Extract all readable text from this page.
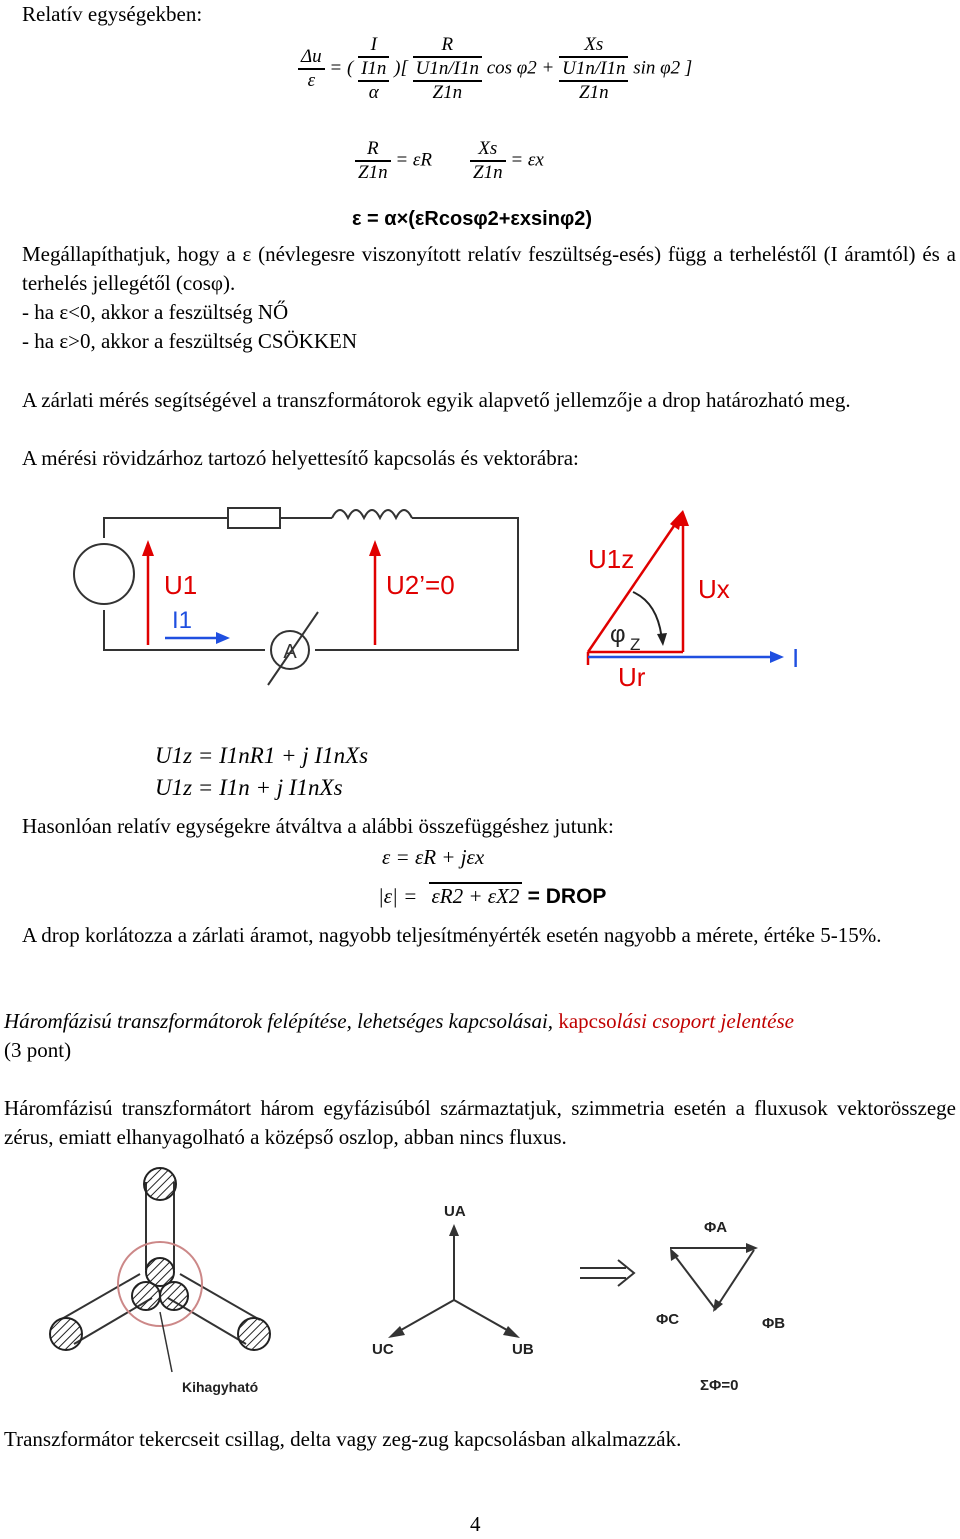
Relatív egységekben:
$\frac{\Delta u}{\varepsilon}$ = (
I
I1n
α
)[
R
U1n/I1n
Z1n
cos φ2 +
Xs
U1n/I1n
Z1n
sin φ2 ]
$\frac{R}{Z1n} = \varepsilon R \frac{Xs}{Z1n} = \varepsilon x$
ε = α×(εRcosφ2+εxsinφ2)
Megállapíthatjuk, hogy a ε (névlegesre viszonyított relatív feszültség-esés) függ a terheléstől (I áramtól) és a terhelés jellegétől (cosφ).
- ha ε<0, akkor a feszültség NŐ
- ha ε>0, akkor a feszültség CSÖKKEN
A zárlati mérés segítségével a transzformátorok egyik alapvető jellemzője a drop határozható meg.
A mérési rövidzárhoz tartozó helyettesítő kapcsolás és vektorábra:
A
U1
I1
U2’=0
U1z
Ux
Ur
I
φ Z
U1z = I1nR1 + j I1nXs
U1z = I1n + j I1nXs
Hasonlóan relatív egységekre átváltva a alábbi összefüggéshez jutunk:
ε = εR + jεx
|ε| = εR2 + εX2 = DROP
A drop korlátozza a zárlati áramot, nagyobb teljesítményérték esetén nagyobb a mérete, értéke 5-15%.
Háromfázisú transzformátorok felépítése, lehetséges kapcsolásai, kapcsolási csoport jelentése
(3 pont)
Háromfázisú transzformátort három egyfázisúból származtatjuk, szimmetria esetén a fluxusok vektorösszege zérus, emiatt elhanyagolható a középső oszlop, abban nincs fluxus.
Kihagyható
UA
UC	UB
ΦA
ΦC	ΦB
ΣΦ=0
Transzformátor tekercseit csillag, delta vagy zeg-zug kapcsolásban alkalmazzák.
4
